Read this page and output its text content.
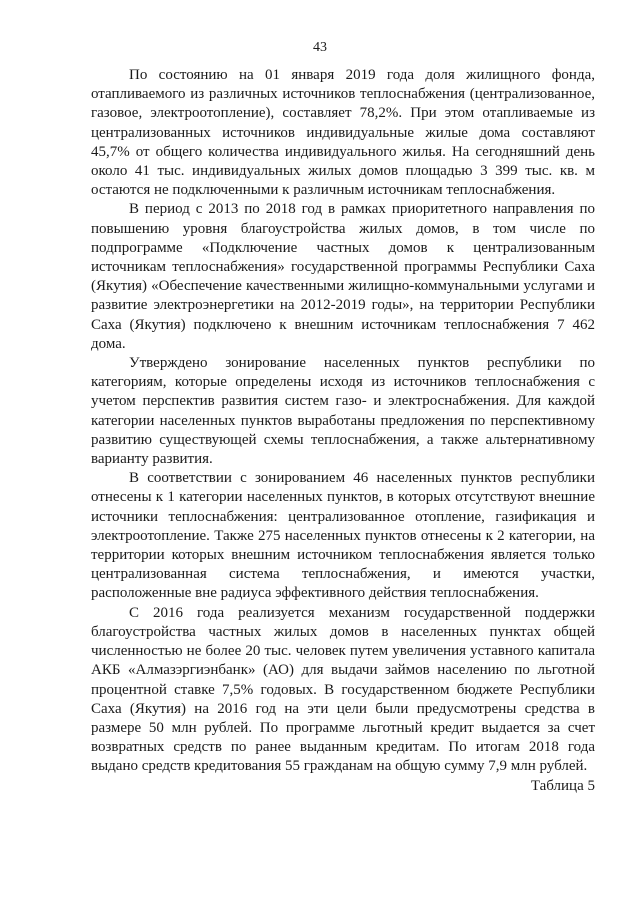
43

По состоянию на 01 января 2019 года доля жилищного фонда, отапливаемого из различных источников теплоснабжения (централизованное, газовое, электроотопление), составляет 78,2%. При этом отапливаемые из централизованных источников индивидуальные жилые дома составляют 45,7% от общего количества индивидуального жилья. На сегодняшний день около 41 тыс. индивидуальных жилых домов площадью 3 399 тыс. кв. м остаются не подключенными к различным источникам теплоснабжения.

В период с 2013 по 2018 год в рамках приоритетного направления по повышению уровня благоустройства жилых домов, в том числе по подпрограмме «Подключение частных домов к централизованным источникам теплоснабжения» государственной программы Республики Саха (Якутия) «Обеспечение качественными жилищно-коммунальными услугами и развитие электроэнергетики на 2012-2019 годы», на территории Республики Саха (Якутия) подключено к внешним источникам теплоснабжения 7 462 дома.

Утверждено зонирование населенных пунктов республики по категориям, которые определены исходя из источников теплоснабжения с учетом перспектив развития систем газо- и электроснабжения. Для каждой категории населенных пунктов выработаны предложения по перспективному развитию существующей схемы теплоснабжения, а также альтернативному варианту развития.

В соответствии с зонированием 46 населенных пунктов республики отнесены к 1 категории населенных пунктов, в которых отсутствуют внешние источники теплоснабжения: централизованное отопление, газификация и электроотопление. Также 275 населенных пунктов отнесены к 2 категории, на территории которых внешним источником теплоснабжения является только централизованная система теплоснабжения, и имеются участки, расположенные вне радиуса эффективного действия теплоснабжения.

С 2016 года реализуется механизм государственной поддержки благоустройства частных жилых домов в населенных пунктах общей численностью не более 20 тыс. человек путем увеличения уставного капитала АКБ «Алмазэргиэнбанк» (АО) для выдачи займов населению по льготной процентной ставке 7,5% годовых. В государственном бюджете Республики Саха (Якутия) на 2016 год на эти цели были предусмотрены средства в размере 50 млн рублей. По программе льготный кредит выдается за счет возвратных средств по ранее выданным кредитам. По итогам 2018 года выдано средств кредитования 55 гражданам на общую сумму 7,9 млн рублей.

Таблица 5
